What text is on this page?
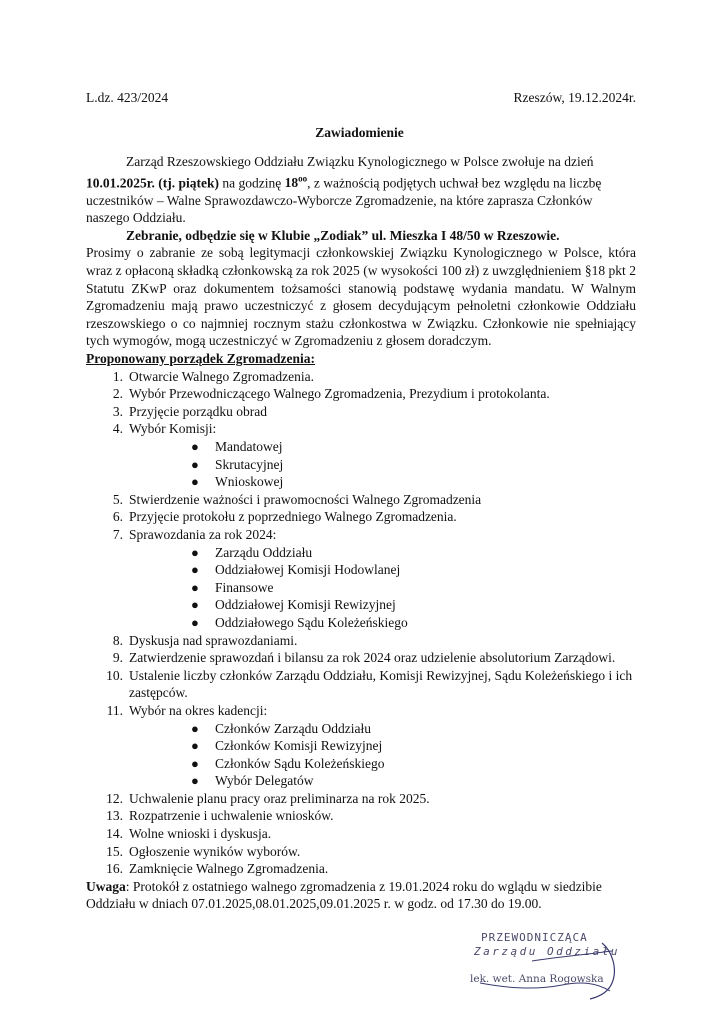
L.dz. 423/2024	Rzeszów, 19.12.2024r.
Zawiadomienie

Zarząd Rzeszowskiego Oddziału Związku Kynologicznego w Polsce zwołuje na dzień 10.01.2025r. (tj. piątek) na godzinę $18^{oo}$, z ważnością podjętych uchwał bez względu na liczbę uczestników – Walne Sprawozdawczo-Wyborcze Zgromadzenie, na które zaprasza Członków naszego Oddziału.

Zebranie, odbędzie się w Klubie „Zodiak” ul. Mieszka I 48/50 w Rzeszowie.

Prosimy o zabranie ze sobą legitymacji członkowskiej Związku Kynologicznego w Polsce, która wraz z opłaconą składką członkowską za rok 2025 (w wysokości 100 zł) z uwzględnieniem §18 pkt 2 Statutu ZKwP oraz dokumentem tożsamości stanowią podstawę wydania mandatu. W Walnym Zgromadzeniu mają prawo uczestniczyć z głosem decydującym pełnoletni członkowie Oddziału rzeszowskiego o co najmniej rocznym stażu członkostwa w Związku. Członkowie nie spełniający tych wymogów, mogą uczestniczyć w Zgromadzeniu z głosem doradczym.

Proponowany porządek Zgromadzenia:

1. Otwarcie Walnego Zgromadzenia.
2. Wybór Przewodniczącego Walnego Zgromadzenia, Prezydium i protokolanta.
3. Przyjęcie porządku obrad
4. Wybór Komisji:
● Mandatowej
● Skrutacyjnej
● Wnioskowej
5. Stwierdzenie ważności i prawomocności Walnego Zgromadzenia
6. Przyjęcie protokołu z poprzedniego Walnego Zgromadzenia.
7. Sprawozdania za rok 2024:
● Zarządu Oddziału
● Oddziałowej Komisji Hodowlanej
● Finansowe
● Oddziałowej Komisji Rewizyjnej
● Oddziałowego Sądu Koleżeńskiego
8. Dyskusja nad sprawozdaniami.
9. Zatwierdzenie sprawozdań i bilansu za rok 2024 oraz udzielenie absolutorium Zarządowi.
10. Ustalenie liczby członków Zarządu Oddziału, Komisji Rewizyjnej, Sądu Koleżeńskiego i ich zastępców.
11. Wybór na okres kadencji:
● Członków Zarządu Oddziału
● Członków Komisji Rewizyjnej
● Członków Sądu Koleżeńskiego
● Wybór Delegatów
12. Uchwalenie planu pracy oraz preliminarza na rok 2025.
13. Rozpatrzenie i uchwalenie wniosków.
14. Wolne wnioski i dyskusja.
15. Ogłoszenie wyników wyborów.
16. Zamknięcie Walnego Zgromadzenia.

Uwaga: Protokół z ostatniego walnego zgromadzenia z 19.01.2024 roku do wglądu w siedzibie Oddziału w dniach 07.01.2025,08.01.2025,09.01.2025 r. w godz. od 17.30 do 19.00.

PRZEWODNICZĄCA
Zarządu Oddziału
lek. wet. Anna Rogowska
